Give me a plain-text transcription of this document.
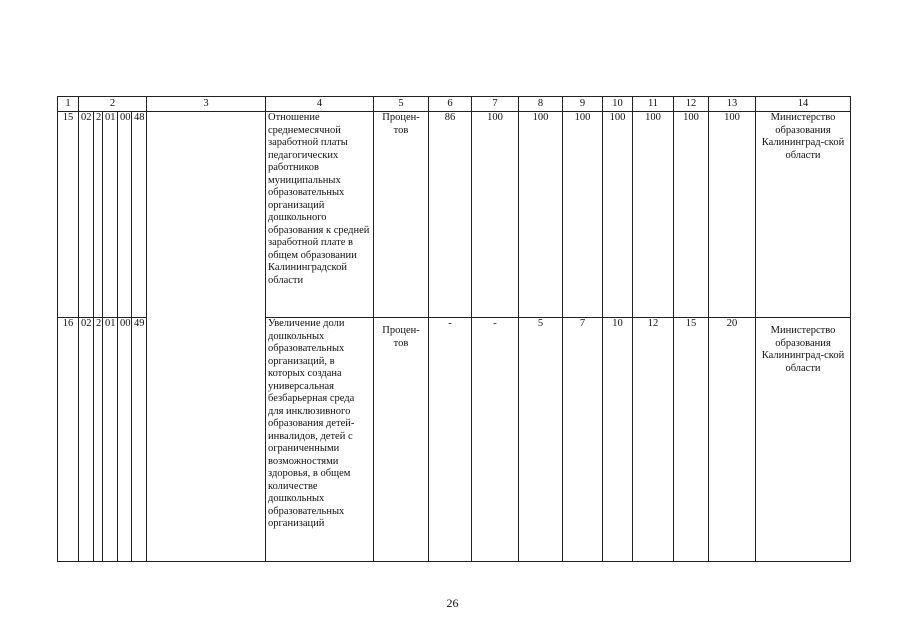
1	2					3	4	5	6	7	8	9	10	11	12	13	14
15	02	2	01	00	48		Отношение среднемесячной заработной платы педагогических работников муниципальных образовательных организаций дошкольного образования к средней заработной плате в общем образовании Калининградской области	Процен-тов	86	100	100	100	100	100	100	100	Министерство образования Калининград-ской области
16	02	2	01	00	49		Увеличение доли дошкольных образовательных организаций, в которых создана универсальная безбарьерная среда для инклюзивного образования детей-инвалидов, детей с ограниченными возможностями здоровья, в общем количестве дошкольных образовательных организаций	Процен-тов	-	-	5	7	10	12	15	20	Министерство образования Калининград-ской области
26
